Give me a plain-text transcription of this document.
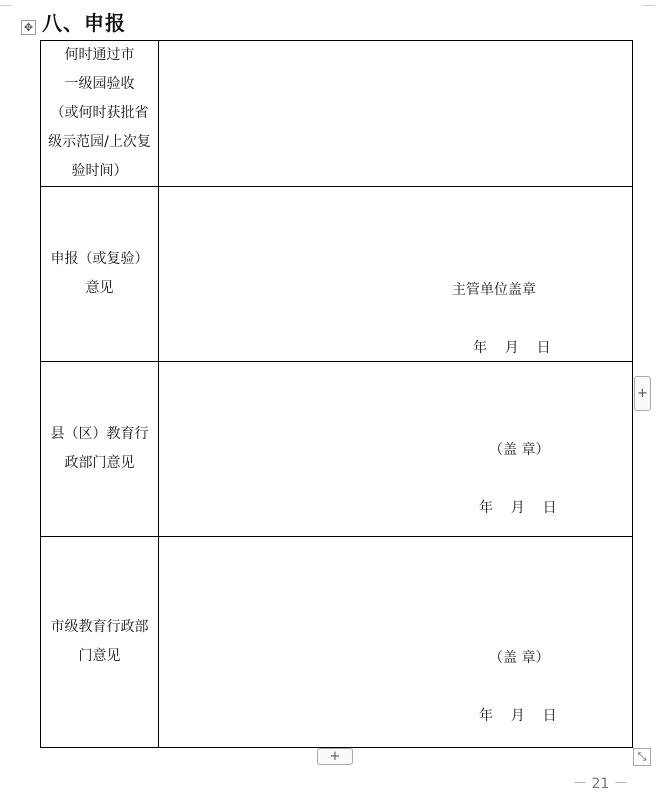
八、申报
✥
何时通过市
一级园验收
（或何时获批省
级示范园/上次复
验时间）	

申报（或复验）
意见	主管单位盖章
年    月    日

县（区）教育行
政部门意见	（盖 章）
年    月    日

市级教育行政部
门意见	（盖 章）
年    月    日
+
+	⤡
－ 21 －
